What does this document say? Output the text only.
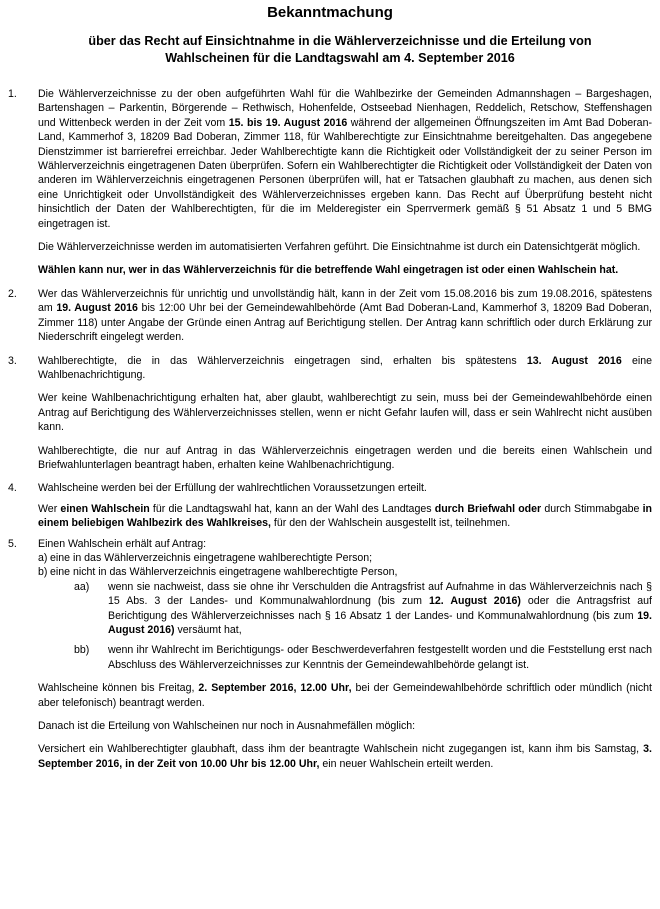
Bekanntmachung
über das Recht auf Einsichtnahme in die Wählerverzeichnisse und die Erteilung von Wahlscheinen für die Landtagswahl am 4. September 2016
1.	Die Wählerverzeichnisse zu der oben aufgeführten Wahl für die Wahlbezirke der Gemeinden Admannshagen – Bargeshagen, Bartenshagen – Parkentin, Börgerende – Rethwisch, Hohenfelde, Ostseebad Nienhagen, Reddelich, Retschow, Steffenshagen und Wittenbeck werden in der Zeit vom 15. bis 19. August 2016 während der allgemeinen Öffnungszeiten im Amt Bad Doberan-Land, Kammerhof 3, 18209 Bad Doberan, Zimmer 118, für Wahlberechtigte zur Einsichtnahme bereitgehalten. Das angegebene Dienstzimmer ist barrierefrei erreichbar. Jeder Wahlberechtigte kann die Richtigkeit oder Vollständigkeit der zu seiner Person im Wählerverzeichnis eingetragenen Daten überprüfen. Sofern ein Wahlberechtigter die Richtigkeit oder Vollständigkeit der Daten von anderen im Wählerverzeichnis eingetragenen Personen überprüfen will, hat er Tatsachen glaubhaft zu machen, aus denen sich eine Unrichtigkeit oder Unvollständigkeit des Wählerverzeichnisses ergeben kann. Das Recht auf Überprüfung besteht nicht hinsichtlich der Daten der Wahlberechtigten, für die im Melderegister ein Sperrvermerk gemäß § 51 Absatz 1 und 5 BMG eingetragen ist.

Die Wählerverzeichnisse werden im automatisierten Verfahren geführt. Die Einsichtnahme ist durch ein Datensichtgerät möglich.

Wählen kann nur, wer in das Wählerverzeichnis für die betreffende Wahl eingetragen ist oder einen Wahlschein hat.

2.	Wer das Wählerverzeichnis für unrichtig und unvollständig hält, kann in der Zeit vom 15.08.2016 bis zum 19.08.2016, spätestens am 19. August 2016 bis 12:00 Uhr bei der Gemeindewahlbehörde (Amt Bad Doberan-Land, Kammerhof 3, 18209 Bad Doberan, Zimmer 118) unter Angabe der Gründe einen Antrag auf Berichtigung stellen. Der Antrag kann schriftlich oder durch Erklärung zur Niederschrift eingelegt werden.

3.	Wahlberechtigte, die in das Wählerverzeichnis eingetragen sind, erhalten bis spätestens 13. August 2016 eine Wahlbenachrichtigung.

Wer keine Wahlbenachrichtigung erhalten hat, aber glaubt, wahlberechtigt zu sein, muss bei der Gemeindewahlbehörde einen Antrag auf Berichtigung des Wählerverzeichnisses stellen, wenn er nicht Gefahr laufen will, dass er sein Wahlrecht nicht ausüben kann.

Wahlberechtigte, die nur auf Antrag in das Wählerverzeichnis eingetragen werden und die bereits einen Wahlschein und Briefwahlunterlagen beantragt haben, erhalten keine Wahlbenachrichtigung.

4.	Wahlscheine werden bei der Erfüllung der wahlrechtlichen Voraussetzungen erteilt.

Wer einen Wahlschein für die Landtagswahl hat, kann an der Wahl des Landtages durch Briefwahl oder durch Stimmabgabe in einem beliebigen Wahlbezirk des Wahlkreises, für den der Wahlschein ausgestellt ist, teilnehmen.

5.	Einen Wahlschein erhält auf Antrag:

a) eine in das Wählerverzeichnis eingetragene wahlberechtigte Person;
b) eine nicht in das Wählerverzeichnis eingetragene wahlberechtigte Person,
aa) wenn sie nachweist, dass sie ohne ihr Verschulden die Antragsfrist auf Aufnahme in das Wählerverzeichnis nach § 15 Abs. 3 der Landes- und Kommunalwahlordnung (bis zum 12. August 2016) oder die Antragsfrist auf Berichtigung des Wählerverzeichnisses nach § 16 Absatz 1 der Landes- und Kommunalwahlordnung (bis zum 19. August 2016) versäumt hat,

bb) wenn ihr Wahlrecht im Berichtigungs- oder Beschwerdeverfahren festgestellt worden und die Feststellung erst nach Abschluss des Wählerverzeichnisses zur Kenntnis der Gemeindewahlbehörde gelangt ist.

Wahlscheine können bis Freitag, 2. September 2016, 12.00 Uhr, bei der Gemeindewahlbehörde schriftlich oder mündlich (nicht aber telefonisch) beantragt werden.

Danach ist die Erteilung von Wahlscheinen nur noch in Ausnahmefällen möglich:

Versichert ein Wahlberechtigter glaubhaft, dass ihm der beantragte Wahlschein nicht zugegangen ist, kann ihm bis Samstag, 3. September 2016, in der Zeit von 10.00 Uhr bis 12.00 Uhr, ein neuer Wahlschein erteilt werden.
